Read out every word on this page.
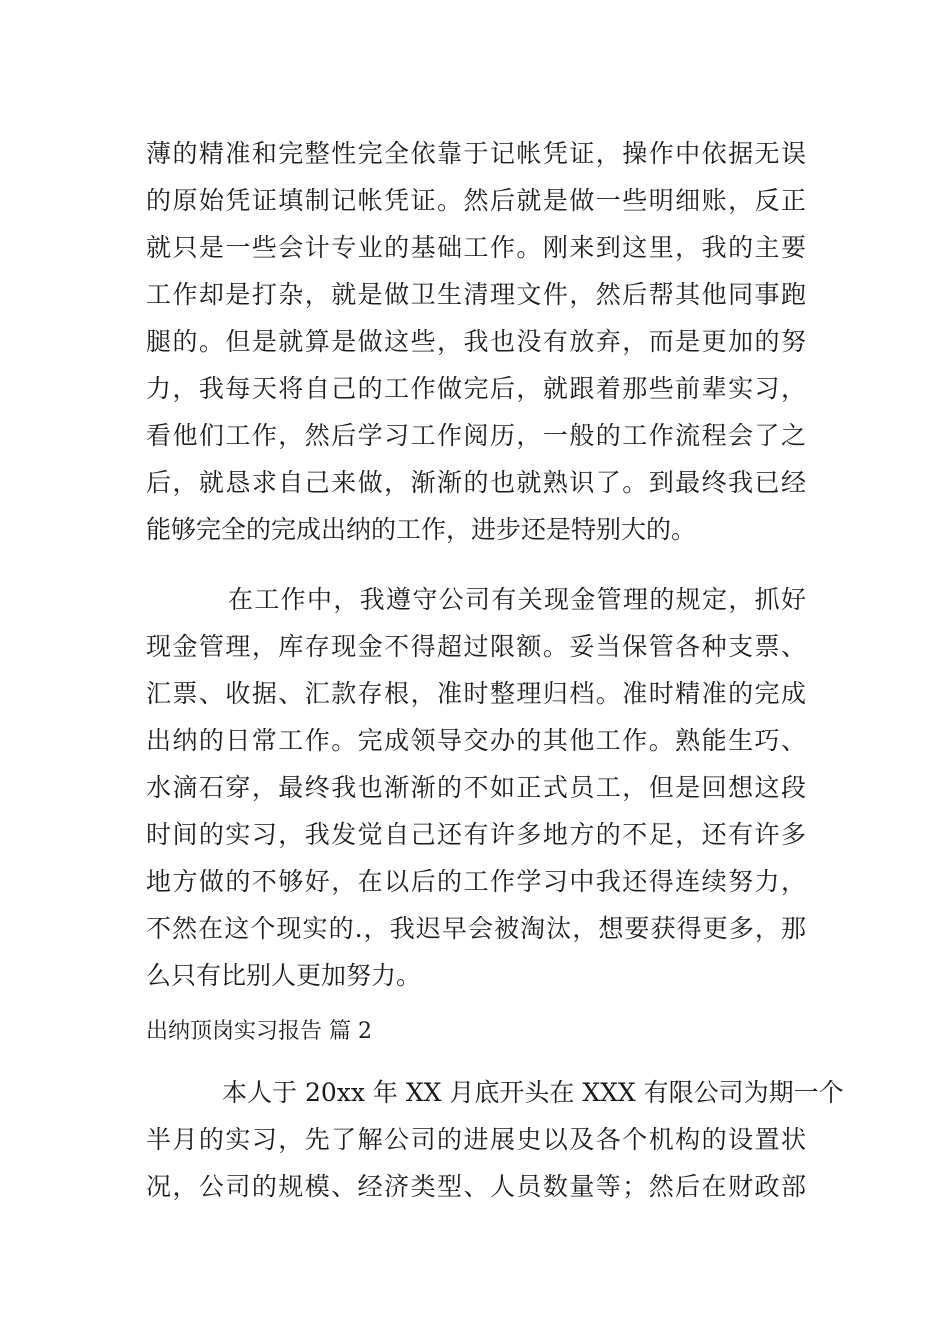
薄的精准和完整性完全依靠于记帐凭证，操作中依据无误
的原始凭证填制记帐凭证。然后就是做一些明细账，反正
就只是一些会计专业的基础工作。刚来到这里，我的主要
工作却是打杂，就是做卫生清理文件，然后帮其他同事跑
腿的。但是就算是做这些，我也没有放弃，而是更加的努
力，我每天将自己的工作做完后，就跟着那些前辈实习，
看他们工作，然后学习工作阅历，一般的工作流程会了之
后，就恳求自己来做，渐渐的也就熟识了。到最终我已经
能够完全的完成出纳的工作，进步还是特别大的。
在工作中，我遵守公司有关现金管理的规定，抓好
现金管理，库存现金不得超过限额。妥当保管各种支票、
汇票、收据、汇款存根，准时整理归档。准时精准的完成
出纳的日常工作。完成领导交办的其他工作。熟能生巧、
水滴石穿，最终我也渐渐的不如正式员工，但是回想这段
时间的实习，我发觉自己还有许多地方的不足，还有许多
地方做的不够好，在以后的工作学习中我还得连续努力，
不然在这个现实的.，我迟早会被淘汰，想要获得更多，那
么只有比别人更加努力。
出纳顶岗实习报告 篇 2
本人于 20xx 年 XX 月底开头在 XXX 有限公司为期一个
半月的实习，先了解公司的进展史以及各个机构的设置状
况，公司的规模、经济类型、人员数量等；然后在财政部
